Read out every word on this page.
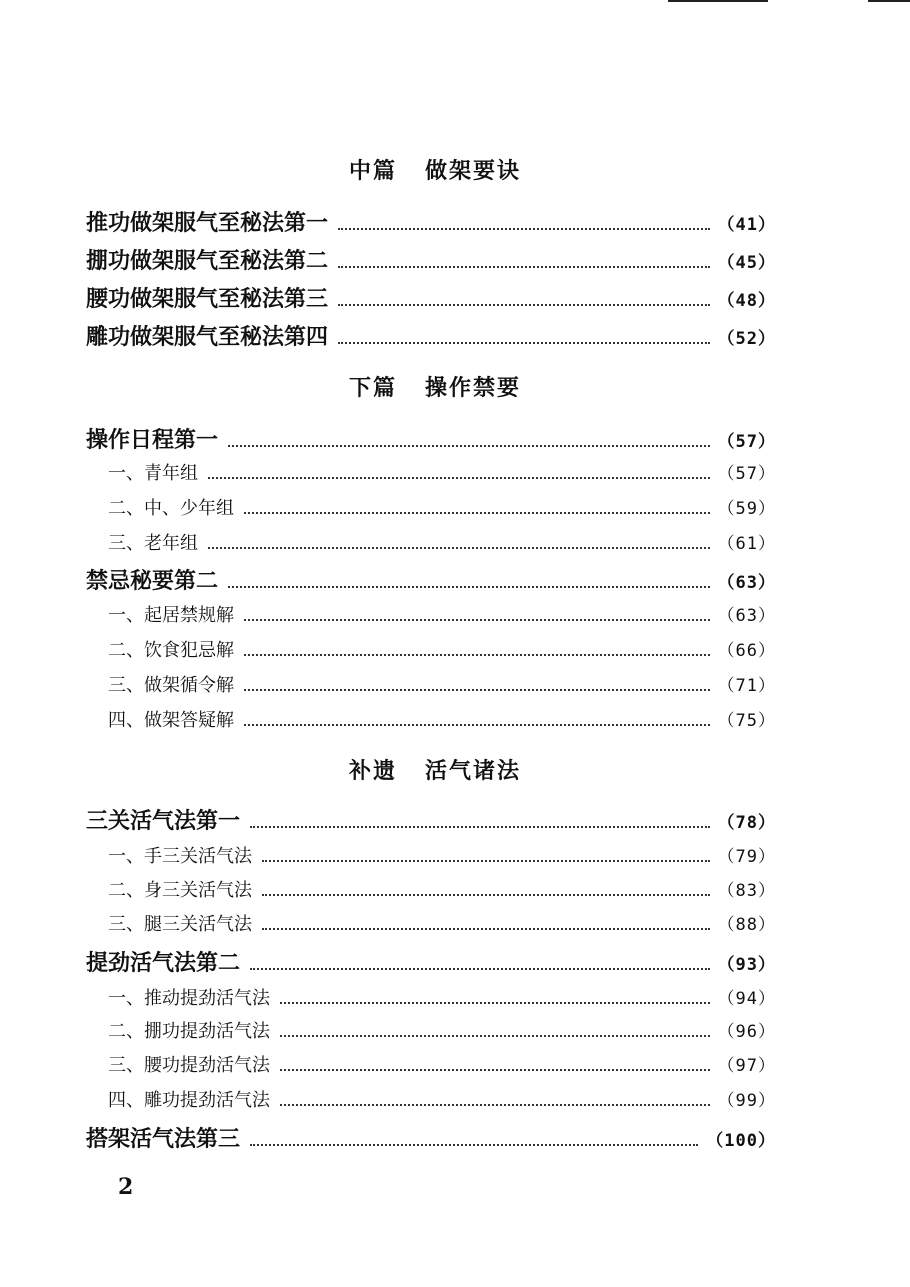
中篇 做架要诀
推功做架服气至秘法第一	（41）
掤功做架服气至秘法第二	（45）
腰功做架服气至秘法第三	（48）
雕功做架服气至秘法第四	（52）
下篇 操作禁要
操作日程第一	（57）
一、青年组	（57）
二、中、少年组	（59）
三、老年组	（61）
禁忌秘要第二	（63）
一、起居禁规解	（63）
二、饮食犯忌解	（66）
三、做架循令解	（71）
四、做架答疑解	（75）
补遗 活气诸法
三关活气法第一	（78）
一、手三关活气法	（79）
二、身三关活气法	（83）
三、腿三关活气法	（88）
提劲活气法第二	（93）
一、推动提劲活气法	（94）
二、掤功提劲活气法	（96）
三、腰功提劲活气法	（97）
四、雕功提劲活气法	（99）
搭架活气法第三	（100）
2
